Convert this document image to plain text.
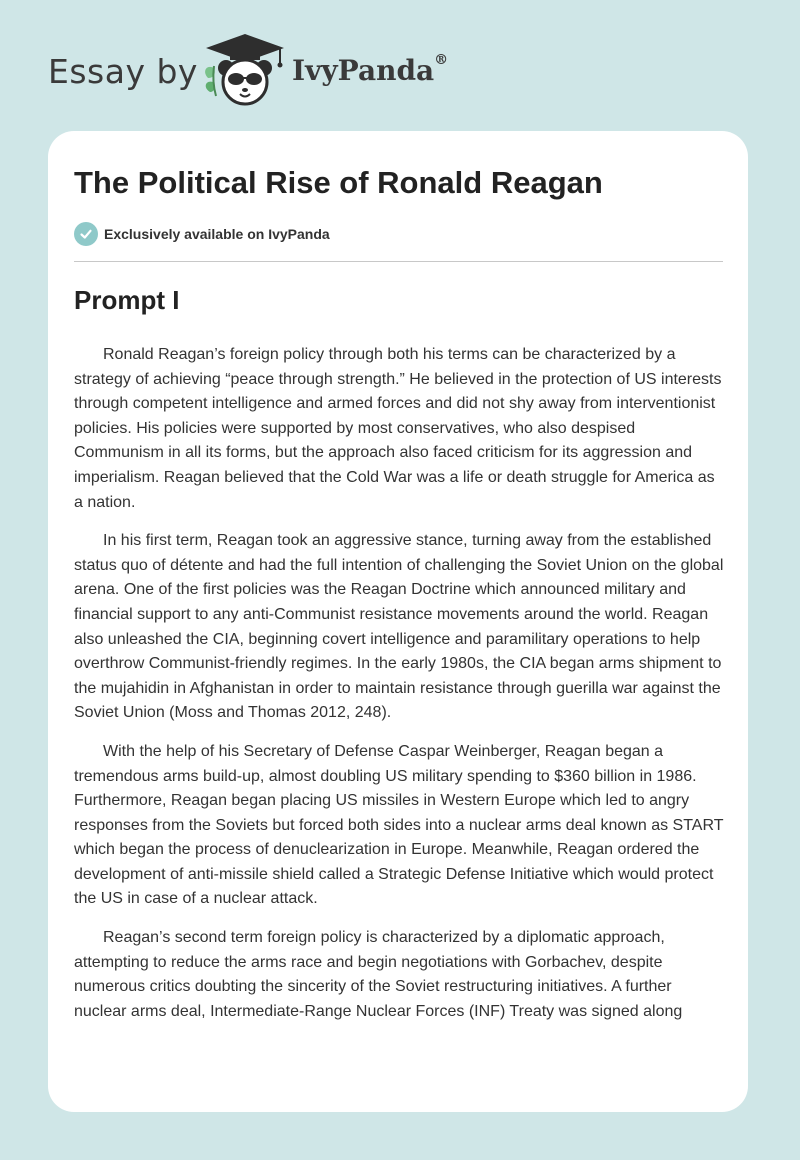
Essay by	IvyPanda®
The Political Rise of Ronald Reagan
Exclusively available on IvyPanda
Prompt I

Ronald Reagan’s foreign policy through both his terms can be characterized by a strategy of achieving “peace through strength.” He believed in the protection of US interests through competent intelligence and armed forces and did not shy away from interventionist policies. His policies were supported by most conservatives, who also despised Communism in all its forms, but the approach also faced criticism for its aggression and imperialism. Reagan believed that the Cold War was a life or death struggle for America as a nation.

In his first term, Reagan took an aggressive stance, turning away from the established status quo of détente and had the full intention of challenging the Soviet Union on the global arena. One of the first policies was the Reagan Doctrine which announced military and financial support to any anti-Communist resistance movements around the world. Reagan also unleashed the CIA, beginning covert intelligence and paramilitary operations to help overthrow Communist-friendly regimes. In the early 1980s, the CIA began arms shipment to the mujahidin in Afghanistan in order to maintain resistance through guerilla war against the Soviet Union (Moss and Thomas 2012, 248).

With the help of his Secretary of Defense Caspar Weinberger, Reagan began a tremendous arms build-up, almost doubling US military spending to $360 billion in 1986. Furthermore, Reagan began placing US missiles in Western Europe which led to angry responses from the Soviets but forced both sides into a nuclear arms deal known as START which began the process of denuclearization in Europe. Meanwhile, Reagan ordered the development of anti-missile shield called a Strategic Defense Initiative which would protect the US in case of a nuclear attack.

Reagan’s second term foreign policy is characterized by a diplomatic approach, attempting to reduce the arms race and begin negotiations with Gorbachev, despite numerous critics doubting the sincerity of the Soviet restructuring initiatives. A further nuclear arms deal, Intermediate-Range Nuclear Forces (INF) Treaty was signed along
